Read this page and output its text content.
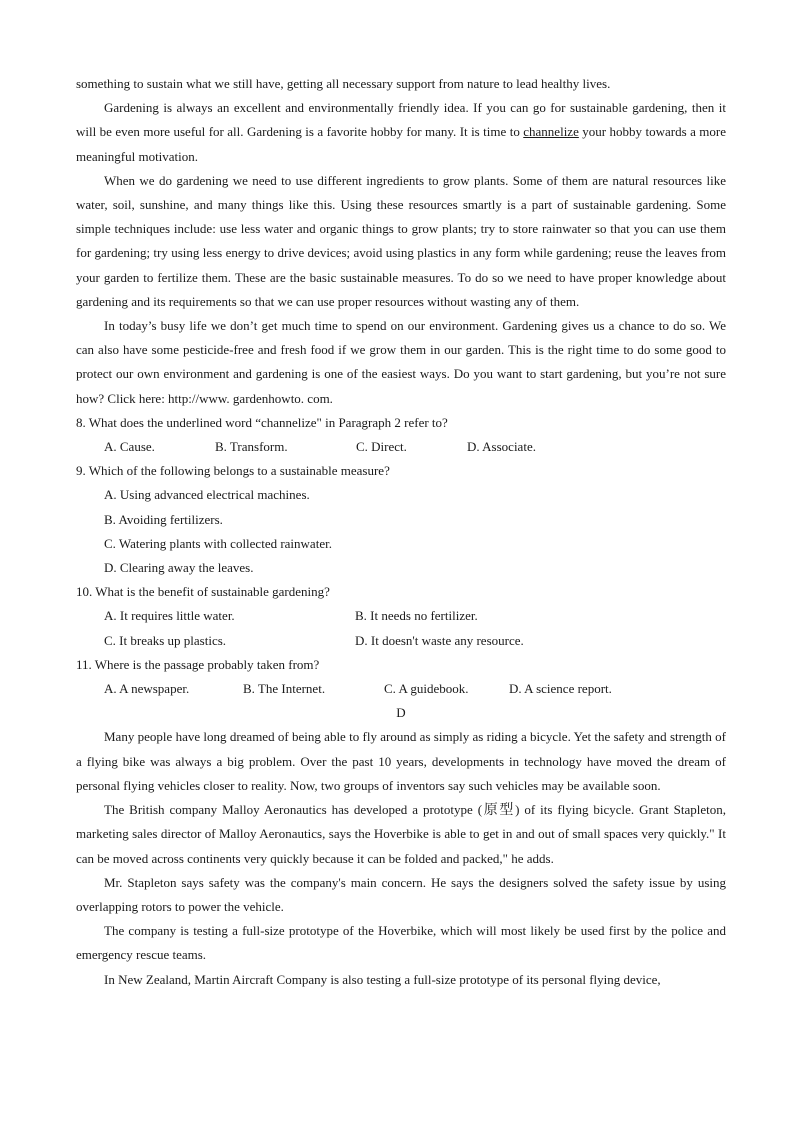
something to sustain what we still have, getting all necessary support from nature to lead healthy lives.

Gardening is always an excellent and environmentally friendly idea. If you can go for sustainable gardening, then it will be even more useful for all. Gardening is a favorite hobby for many. It is time to channelize your hobby towards a more meaningful motivation.

When we do gardening we need to use different ingredients to grow plants. Some of them are natural resources like water, soil, sunshine, and many things like this. Using these resources smartly is a part of sustainable gardening. Some simple techniques include: use less water and organic things to grow plants; try to store rainwater so that you can use them for gardening; try using less energy to drive devices; avoid using plastics in any form while gardening; reuse the leaves from your garden to fertilize them. These are the basic sustainable measures. To do so we need to have proper knowledge about gardening and its requirements so that we can use proper resources without wasting any of them.

In today’s busy life we don’t get much time to spend on our environment. Gardening gives us a chance to do so. We can also have some pesticide-free and fresh food if we grow them in our garden. This is the right time to do some good to protect our own environment and gardening is one of the easiest ways. Do you want to start gardening, but you’re not sure how? Click here: http://www. gardenhowto. com.

8. What does the underlined word “channelize" in Paragraph 2 refer to?

A. Cause.	B. Transform.	C. Direct.	D. Associate.

9. Which of the following belongs to a sustainable measure?

A. Using advanced electrical machines.

B. Avoiding fertilizers.

C. Watering plants with collected rainwater.

D. Clearing away the leaves.

10. What is the benefit of sustainable gardening?

A. It requires little water.	B. It needs no fertilizer.
C. It breaks up plastics.	D. It doesn't waste any resource.

11. Where is the passage probably taken from?

A. A newspaper.	B. The Internet.	C. A guidebook.	D. A science report.

D

Many people have long dreamed of being able to fly around as simply as riding a bicycle. Yet the safety and strength of a flying bike was always a big problem. Over the past 10 years, developments in technology have moved the dream of personal flying vehicles closer to reality. Now, two groups of inventors say such vehicles may be available soon.

The British company Malloy Aeronautics has developed a prototype (原型) of its flying bicycle. Grant Stapleton, marketing sales director of Malloy Aeronautics, says the Hoverbike is able to get in and out of small spaces very quickly." It can be moved across continents very quickly because it can be folded and packed," he adds.

Mr. Stapleton says safety was the company's main concern. He says the designers solved the safety issue by using overlapping rotors to power the vehicle.

The company is testing a full-size prototype of the Hoverbike, which will most likely be used first by the police and emergency rescue teams.

In New Zealand, Martin Aircraft Company is also testing a full-size prototype of its personal flying device,
